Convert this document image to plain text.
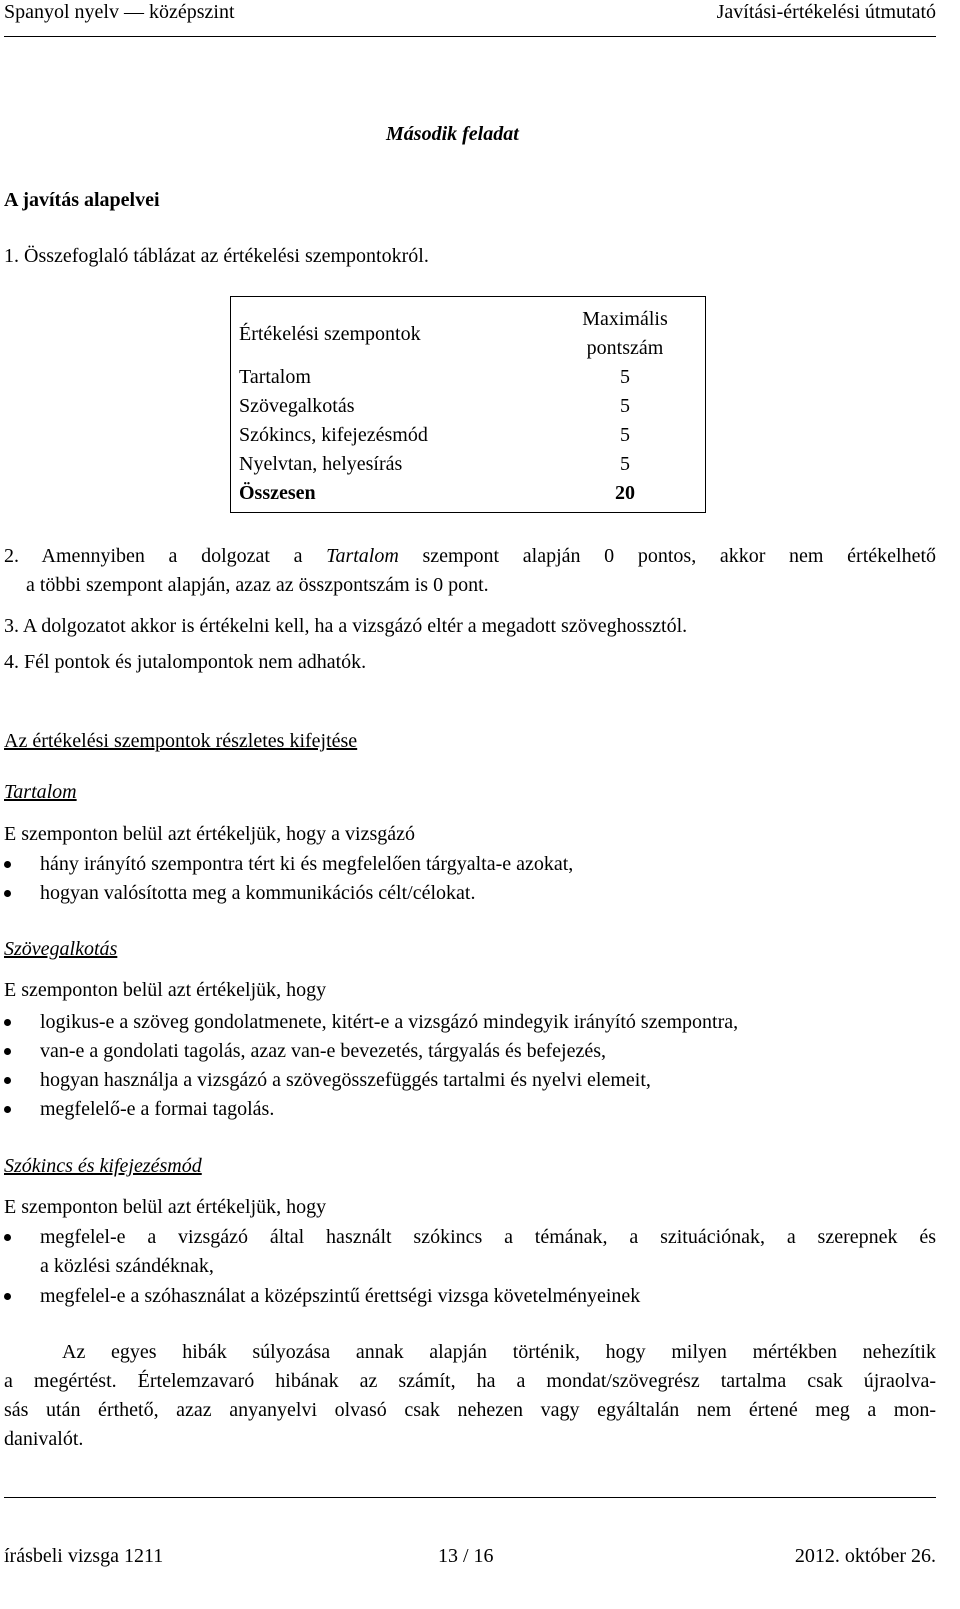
Spanyol nyelv — középszint	Javítási-értékelési útmutató
Második feladat
A javítás alapelvei
1. Összefoglaló táblázat az értékelési szempontokról.
Értékelési szempontok	Maximális
pontszám
Tartalom	5
Szövegalkotás	5
Szókincs, kifejezésmód	5
Nyelvtan, helyesírás	5
Összesen	20
2. Amennyiben a dolgozat a Tartalom szempont alapján 0 pontos, akkor nem értékelhető
a többi szempont alapján, azaz az összpontszám is 0 pont.
3. A dolgozatot akkor is értékelni kell, ha a vizsgázó eltér a megadott szöveghossztól.
4. Fél pontok és jutalompontok nem adhatók.
Az értékelési szempontok részletes kifejtése
Tartalom
E szemponton belül azt értékeljük, hogy a vizsgázó
hány irányító szempontra tért ki és megfelelően tárgyalta-e azokat,
hogyan valósította meg a kommunikációs célt/célokat.
Szövegalkotás
E szemponton belül azt értékeljük, hogy
logikus-e a szöveg gondolatmenete, kitért-e a vizsgázó mindegyik irányító szempontra,
van-e a gondolati tagolás, azaz van-e bevezetés, tárgyalás és befejezés,
hogyan használja a vizsgázó a szövegösszefüggés tartalmi és nyelvi elemeit,
megfelelő-e a formai tagolás.
Szókincs és kifejezésmód
E szemponton belül azt értékeljük, hogy
megfelel-e a vizsgázó által használt szókincs a témának, a szituációnak, a szerepnek és
a közlési szándéknak,
megfelel-e a szóhasználat a középszintű érettségi vizsga követelményeinek
Az egyes hibák súlyozása annak alapján történik, hogy milyen mértékben nehezítik
a megértést. Értelemzavaró hibának az számít, ha a mondat/szövegrész tartalma csak újraolva-
sás után érthető, azaz anyanyelvi olvasó csak nehezen vagy egyáltalán nem értené meg a mon-
danivalót.
írásbeli vizsga 1211	13 / 16	2012. október 26.
